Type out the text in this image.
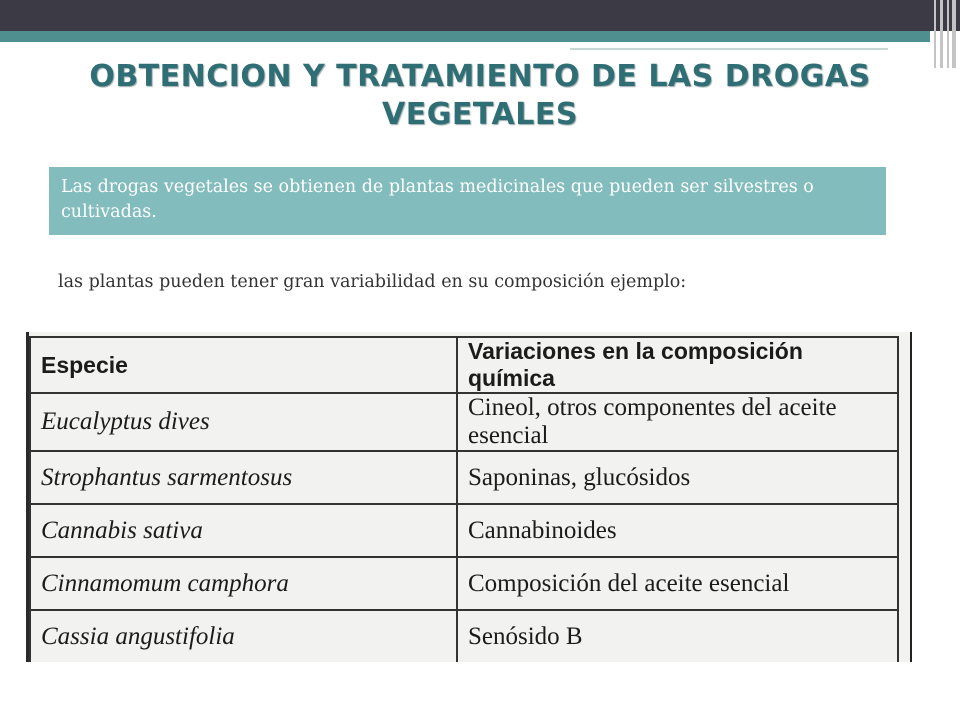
OBTENCION Y TRATAMIENTO DE LAS DROGAS VEGETALES
Las drogas vegetales se obtienen de plantas medicinales que pueden ser silvestres o cultivadas.
las plantas pueden tener gran variabilidad en su composición ejemplo:
Especie	Variaciones en la composición química
Eucalyptus dives	Cineol, otros componentes del aceite esencial
Strophantus sarmentosus	Saponinas, glucósidos
Cannabis sativa	Cannabinoides
Cinnamomum camphora	Composición del aceite esencial
Cassia angustifolia	Senósido B
